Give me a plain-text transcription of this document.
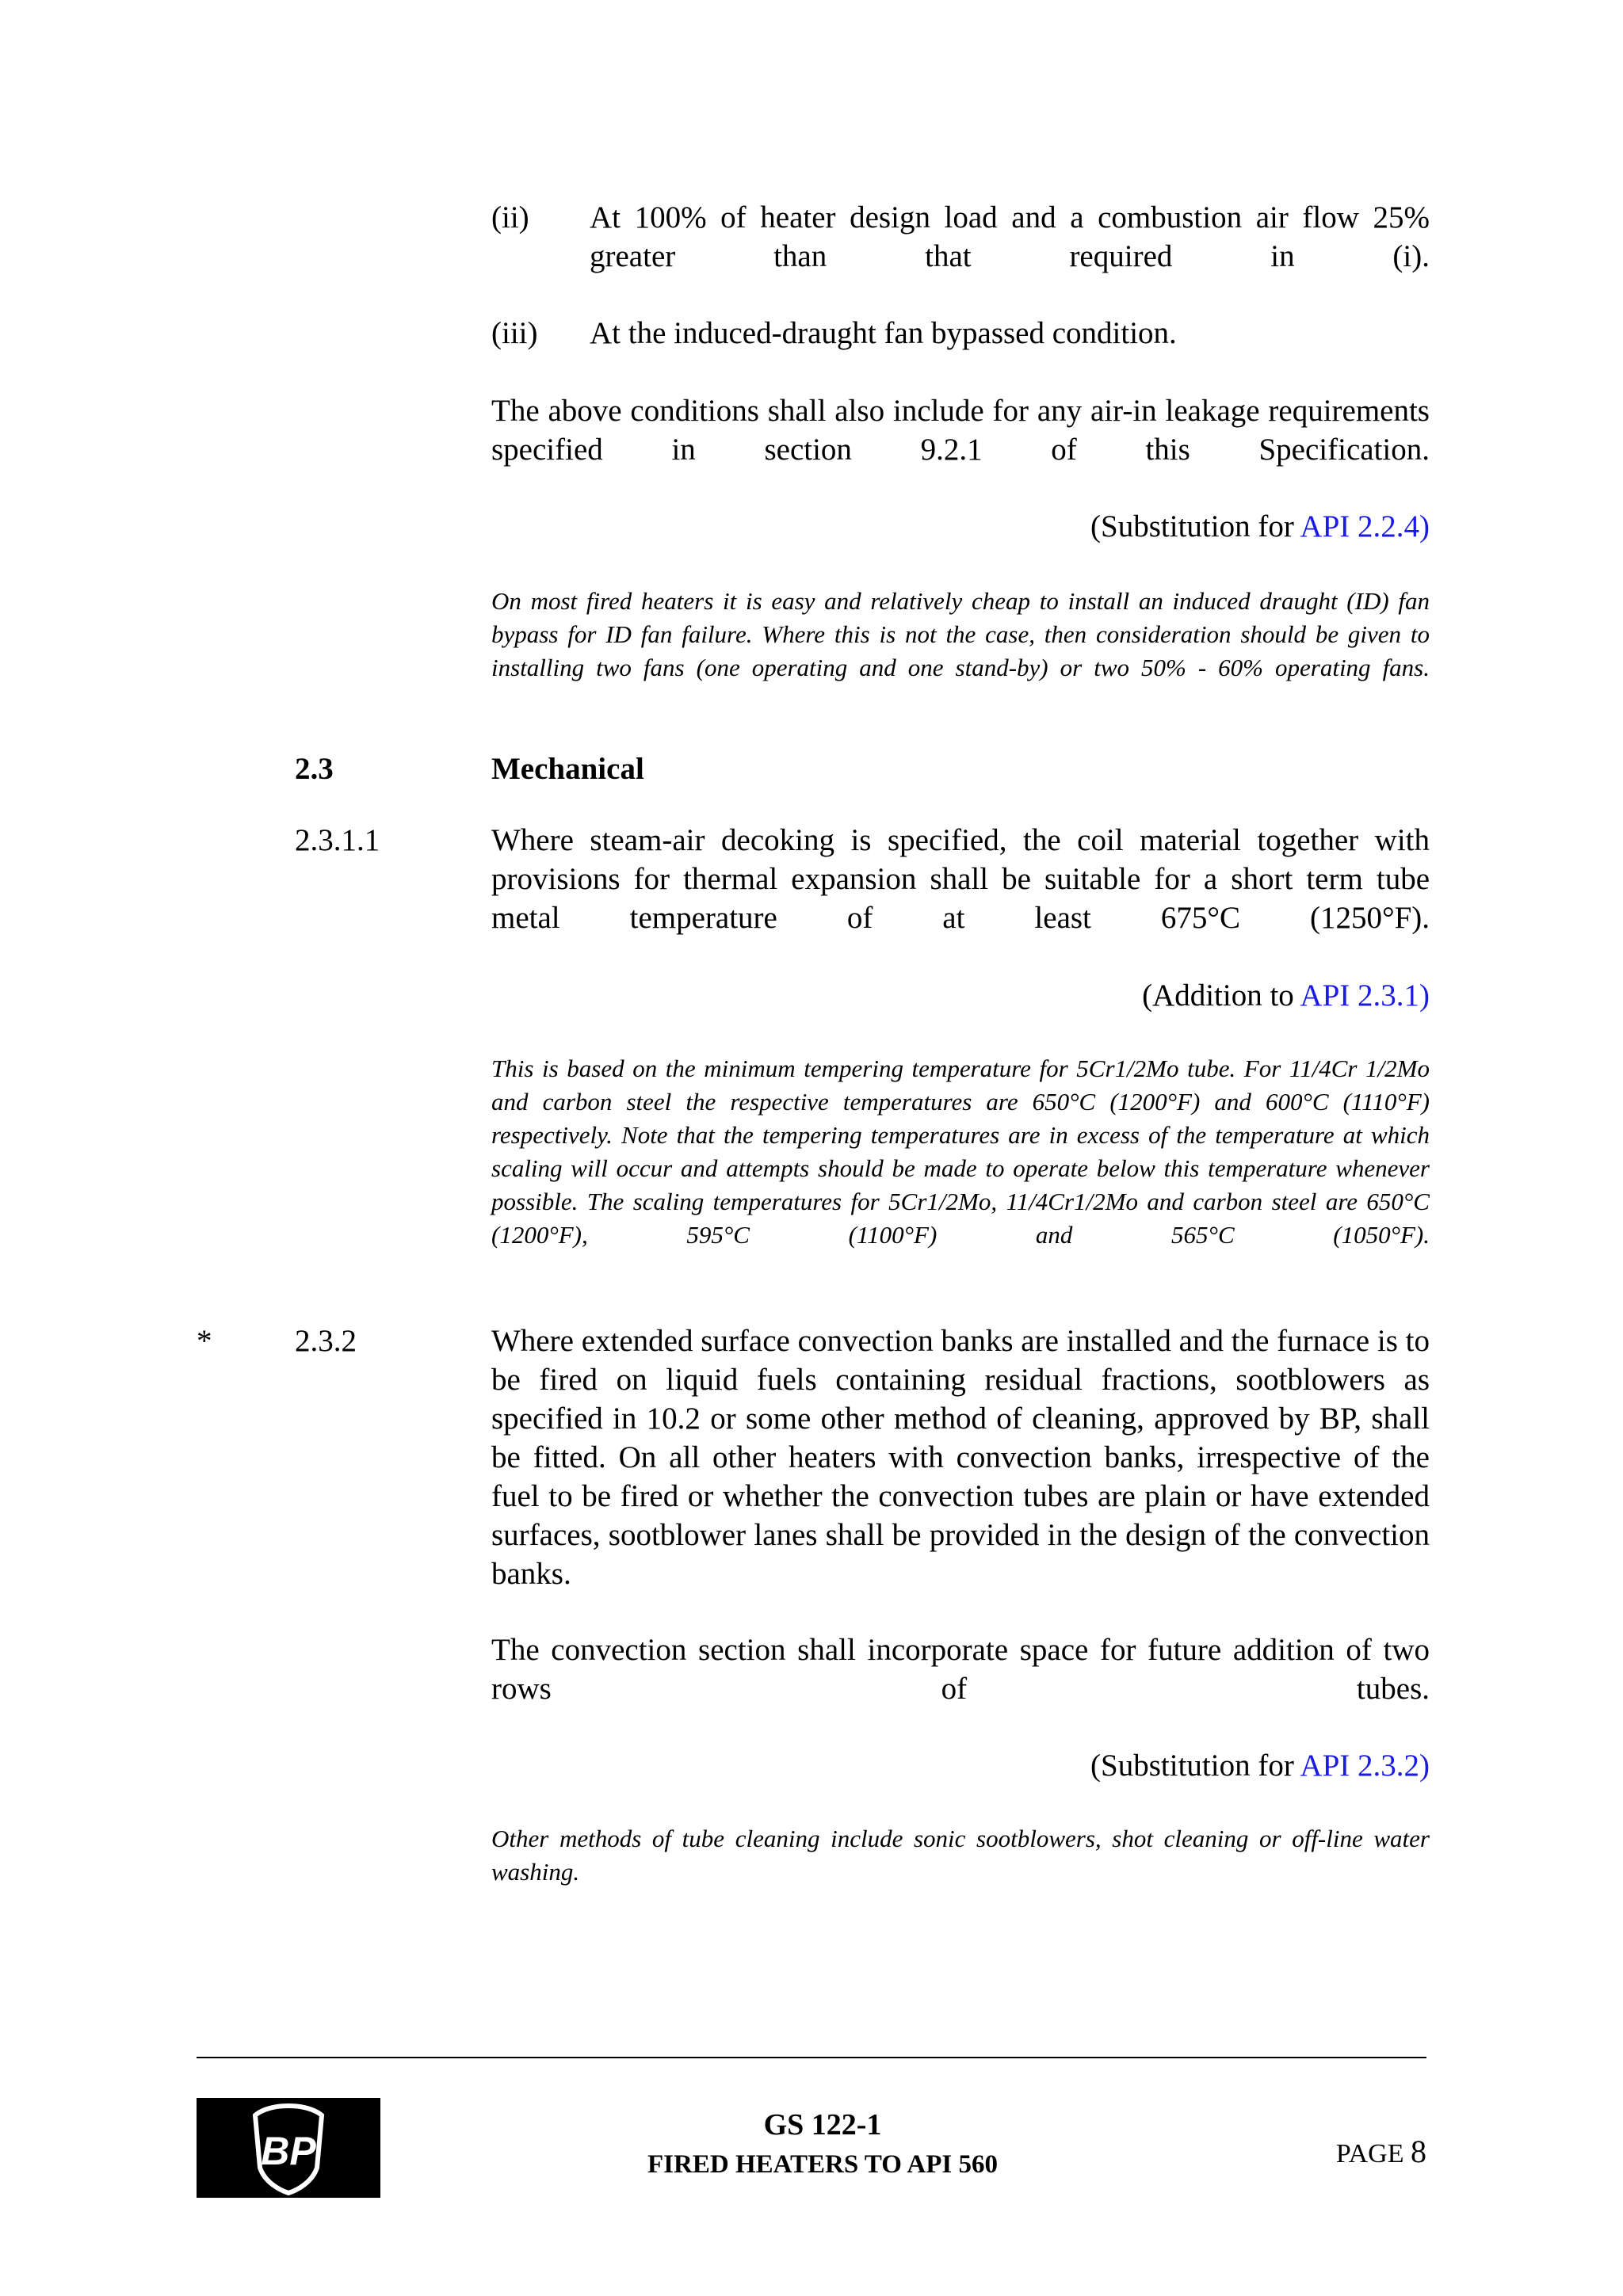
(ii) At 100% of heater design load and a combustion air flow 25% greater than that required in (i).
(iii) At the induced-draught fan bypassed condition.
The above conditions shall also include for any air-in leakage requirements specified in section 9.2.1 of this Specification.
(Substitution for API 2.2.4)
On most fired heaters it is easy and relatively cheap to install an induced draught (ID) fan bypass for ID fan failure. Where this is not the case, then consideration should be given to installing two fans (one operating and one stand-by) or two 50% - 60% operating fans.
2.3	Mechanical
2.3.1.1	Where steam-air decoking is specified, the coil material together with provisions for thermal expansion shall be suitable for a short term tube metal temperature of at least 675°C (1250°F).
(Addition to API 2.3.1)
This is based on the minimum tempering temperature for 5Cr1/2Mo tube. For 11/4Cr 1/2Mo and carbon steel the respective temperatures are 650°C (1200°F) and 600°C (1110°F) respectively. Note that the tempering temperatures are in excess of the temperature at which scaling will occur and attempts should be made to operate below this temperature whenever possible. The scaling temperatures for 5Cr1/2Mo, 11/4Cr1/2Mo and carbon steel are 650°C (1200°F), 595°C (1100°F) and 565°C (1050°F).
*	2.3.2	Where extended surface convection banks are installed and the furnace is to be fired on liquid fuels containing residual fractions, sootblowers as specified in 10.2 or some other method of cleaning, approved by BP, shall be fitted. On all other heaters with convection banks, irrespective of the fuel to be fired or whether the convection tubes are plain or have extended surfaces, sootblower lanes shall be provided in the design of the convection banks.
The convection section shall incorporate space for future addition of two rows of tubes.
(Substitution for API 2.3.2)
Other methods of tube cleaning include sonic sootblowers, shot cleaning or off-line water washing.
BP
GS 122-1
FIRED HEATERS TO API 560	PAGE 8
